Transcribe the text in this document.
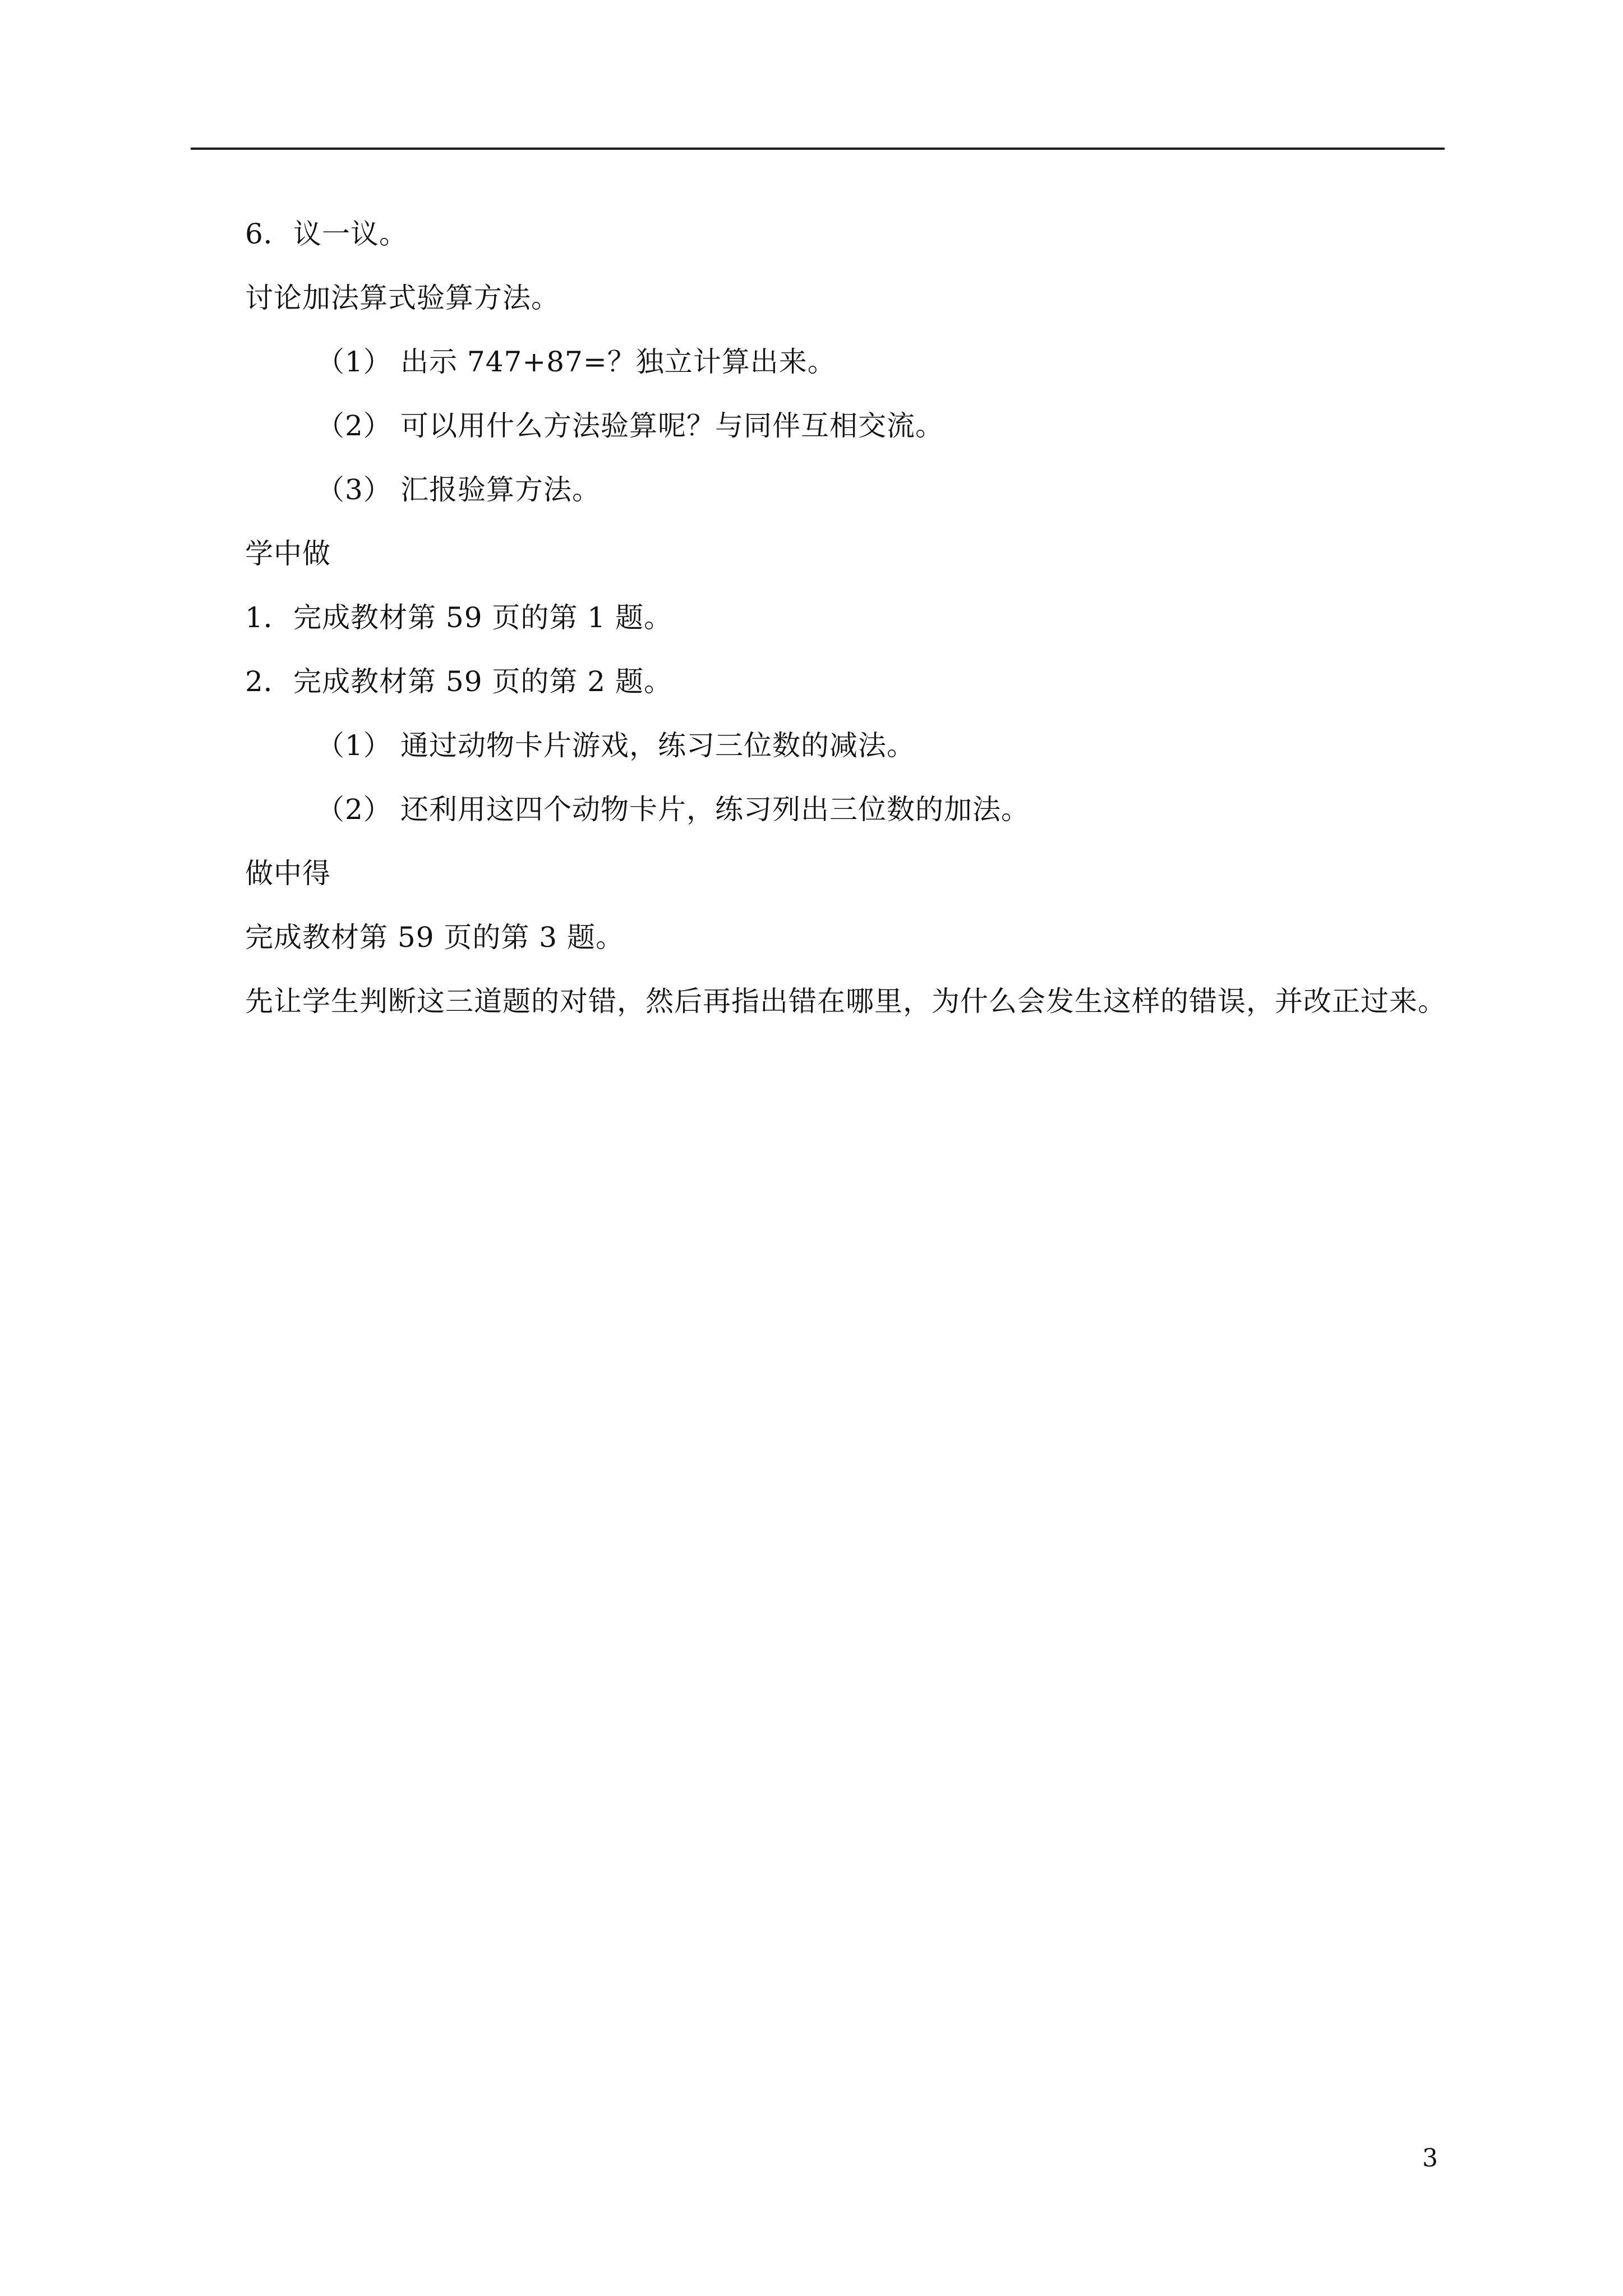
6．议一议。
讨论加法算式验算方法。
（1） 出示 747+87=？独立计算出来。
（2） 可以用什么方法验算呢？与同伴互相交流。
（3） 汇报验算方法。
学中做
1．完成教材第 59 页的第 1 题。
2．完成教材第 59 页的第 2 题。
（1） 通过动物卡片游戏，练习三位数的减法。
（2） 还利用这四个动物卡片，练习列出三位数的加法。
做中得
完成教材第 59 页的第 3 题。
先让学生判断这三道题的对错，然后再指出错在哪里，为什么会发生这样的错误，并改正过来。
3
